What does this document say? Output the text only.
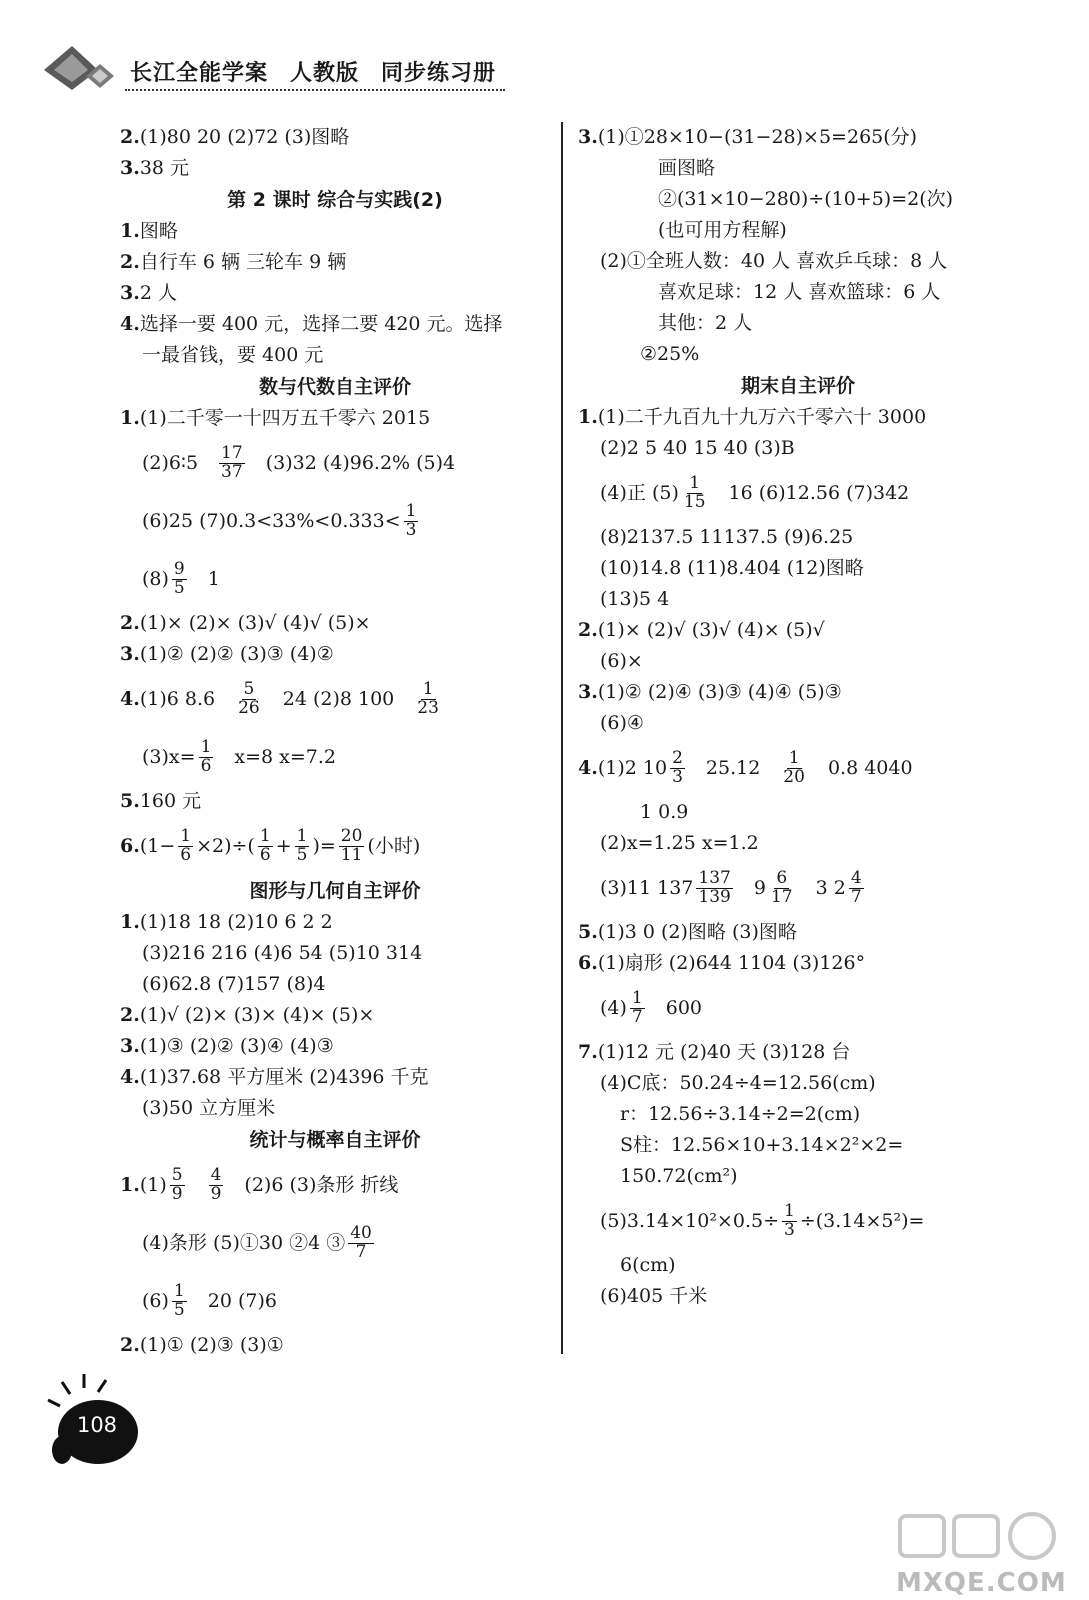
长江全能学案 人教版 同步练习册
2.(1)80 20 (2)72 (3)图略
3.38 元
第 2 课时 综合与实践(2)
1.图略
2.自行车 6 辆 三轮车 9 辆
3.2 人
4.选择一要 400 元，选择二要 420 元。选择
一最省钱，要 400 元
数与代数自主评价
1.(1)二千零一十四万五千零六 2015
(2)6∶5 $\frac{17}{37} (3)32$ (4)96.2% (5)4
(6)25 $(7)0.3<33\%<0.333< \frac{1}{3}$
$(8) \frac{9}{5} 1$
2.(1)× (2)× (3)√ (4)√ (5)×
3.(1)② (2)② (3)③ (4)②
4. (1)6 $8.6 \frac{5}{26} 24$ (2)8 $100 \frac{1}{23}$
$(3)x= \frac{1}{6} x=8$ x=7.2
5.160 元
6. $(1- \frac{1}{6} \times 2)\div( \frac{1}{6} + \frac{1}{5}$ )= $\frac{20}{11}$ (小时)
图形与几何自主评价
1.(1)18 18 (2)10 6 2 2
(3)216 216 (4)6 54 (5)10 314
(6)62.8 (7)157 (8)4
2.(1)√ (2)× (3)× (4)× (5)×
3.(1)③ (2)② (3)④ (4)③
4.(1)37.68 平方厘米 (2)4396 千克
(3)50 立方厘米
统计与概率自主评价
1. $(1) \frac{5}{9} \frac{4}{9} (2)6$ (3)条形 折线
(4)条形 (5)①30 ②4 ③ $\frac{40}{7}$
$(6) \frac{1}{5} 20$ (7)6
2.(1)① (2)③ (3)①
3.(1)①28×10−(31−28)×5=265(分)
画图略
②(31×10−280)÷(10+5)=2(次)
(也可用方程解)
(2)①全班人数：40 人 喜欢乒乓球：8 人
喜欢足球：12 人 喜欢篮球：6 人
其他：2 人
②25%
期末自主评价
1.(1)二千九百九十九万六千零六十 3000
(2)2 5 40 15 40 (3)B
(4)正 $(5) \frac{1}{15} 16$ (6)12.56 (7)342
(8)2137.5 11137.5 (9)6.25
(10)14.8 (11)8.404 (12)图略
(13)5 4
2.(1)× (2)√ (3)√ (4)× (5)√
(6)×
3.(1)② (2)④ (3)③ (4)④ (5)③
(6)④
4. (1)2 $10 \frac{2}{3} 25.12 \frac{1}{20} 0.8$ 4040
1 0.9
(2)x=1.25 x=1.2
(3)11 $137 \frac{137}{139} 9 \frac{6}{17} 3$ $2 \frac{4}{7}$
5.(1)3 0 (2)图略 (3)图略
6.(1)扇形 (2)644 1104 (3)126°
$(4) \frac{1}{7} 600$
7.(1)12 元 (2)40 天 (3)128 台
(4)C底：50.24÷4=12.56(cm)
r：12.56÷3.14÷2=2(cm)
S柱：12.56×10+3.14×2²×2=
150.72(cm²)
$(5)3.14\times 10^2\times 0.5\div \frac{1}{3} \div(3.14\times 5^2)=$
6(cm)
(6)405 千米
108
MXQE.COM
